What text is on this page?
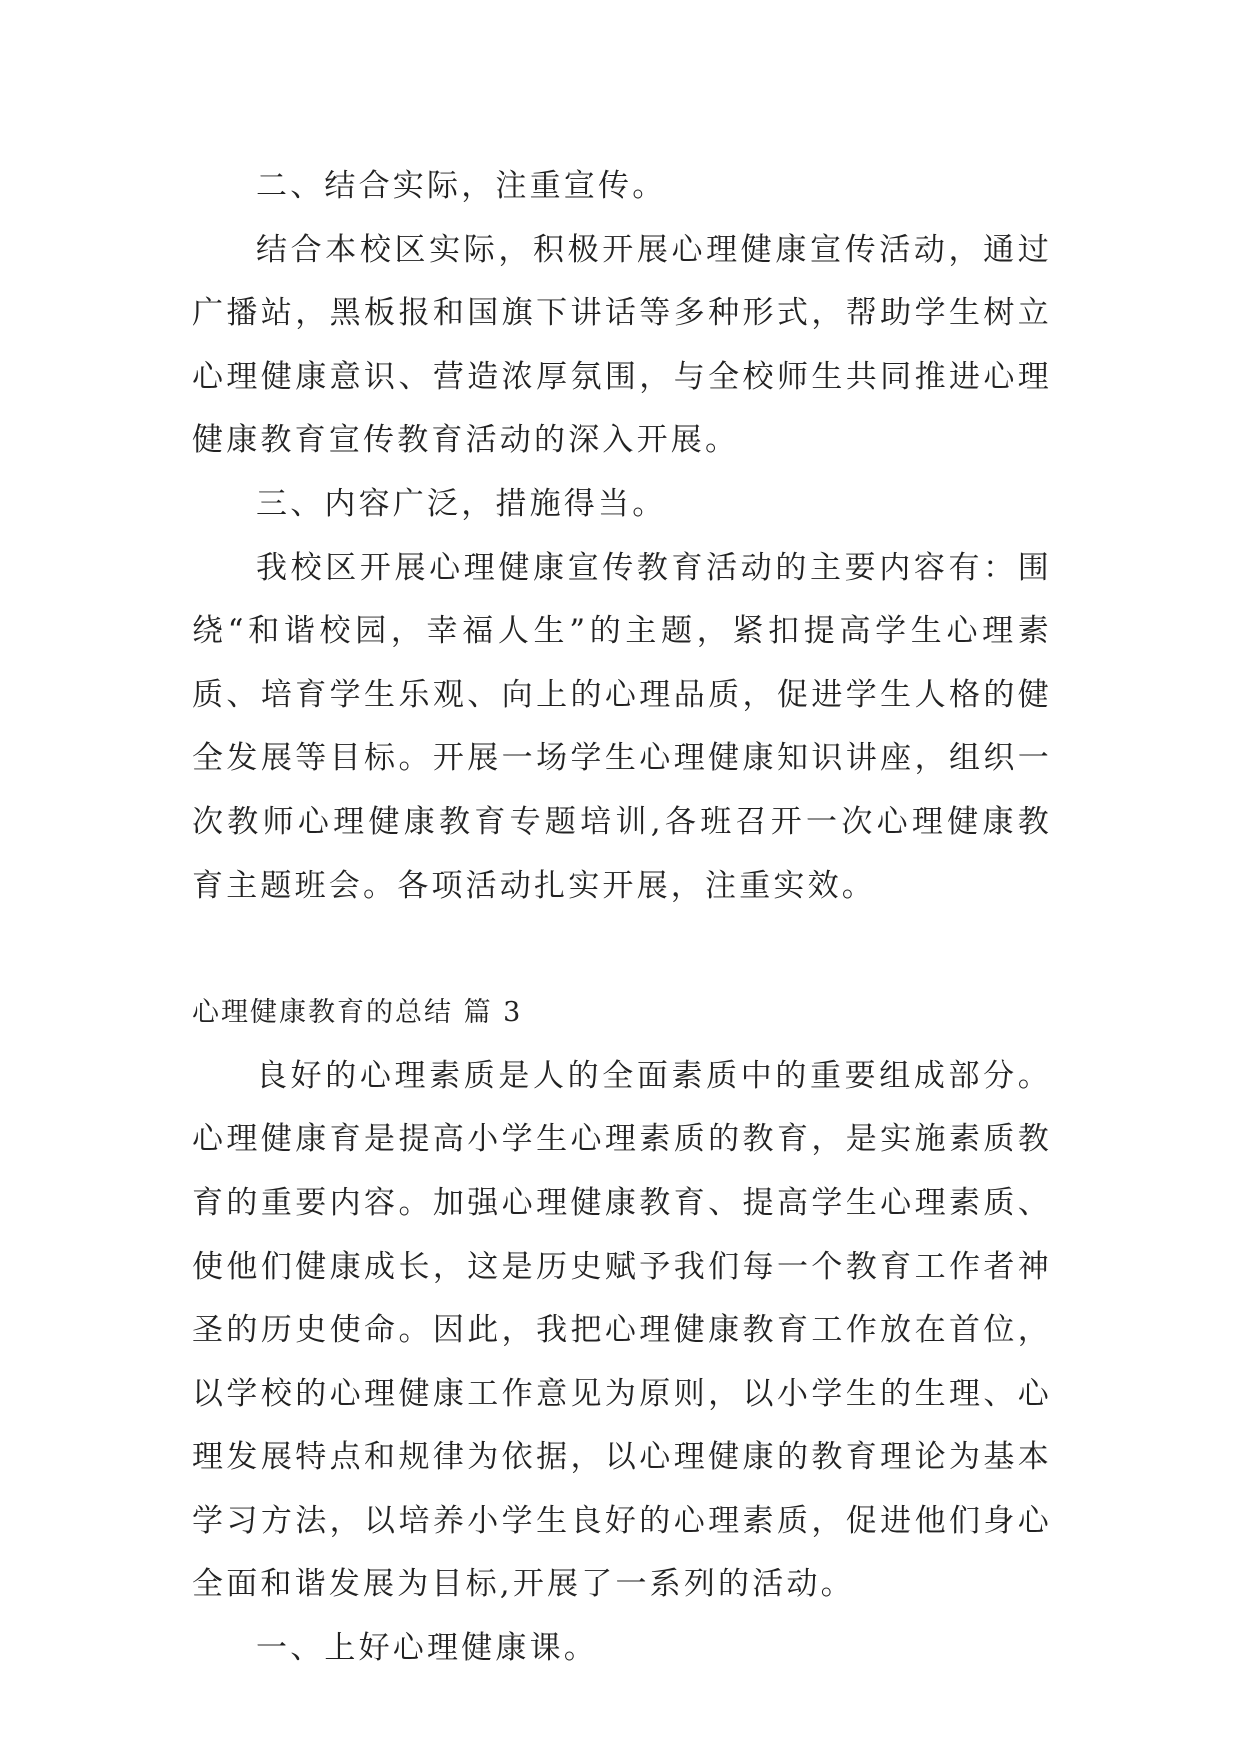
二、结合实际，注重宣传。

结合本校区实际，积极开展心理健康宣传活动，通过广播站，黑板报和国旗下讲话等多种形式，帮助学生树立心理健康意识、营造浓厚氛围，与全校师生共同推进心理健康教育宣传教育活动的深入开展。

三、内容广泛，措施得当。

我校区开展心理健康宣传教育活动的主要内容有：围绕“和谐校园，幸福人生”的主题，紧扣提高学生心理素质、培育学生乐观、向上的心理品质，促进学生人格的健全发展等目标。开展一场学生心理健康知识讲座，组织一次教师心理健康教育专题培训,各班召开一次心理健康教育主题班会。各项活动扎实开展，注重实效。

心理健康教育的总结 篇 3

良好的心理素质是人的全面素质中的重要组成部分。心理健康育是提高小学生心理素质的教育，是实施素质教育的重要内容。加强心理健康教育、提高学生心理素质、使他们健康成长，这是历史赋予我们每一个教育工作者神圣的历史使命。因此，我把心理健康教育工作放在首位，以学校的心理健康工作意见为原则，以小学生的生理、心理发展特点和规律为依据，以心理健康的教育理论为基本学习方法，以培养小学生良好的心理素质，促进他们身心全面和谐发展为目标,开展了一系列的活动。

一、上好心理健康课。
